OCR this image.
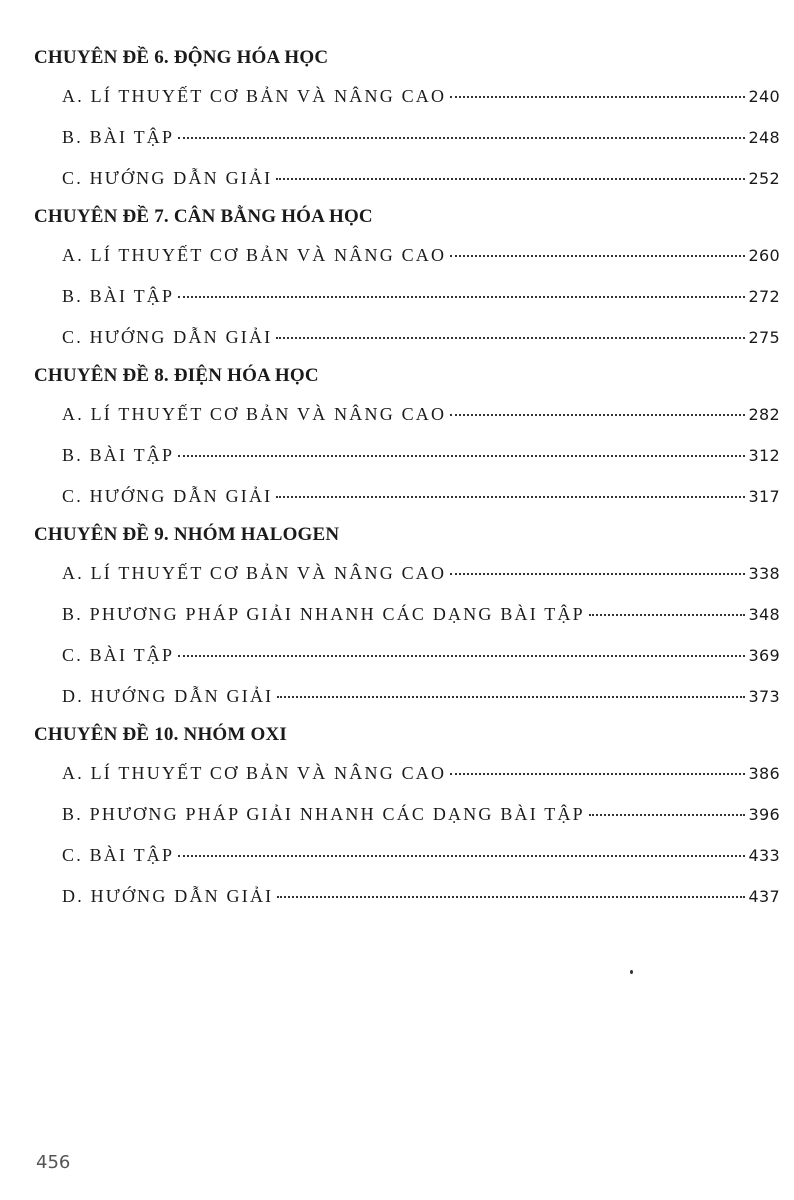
CHUYÊN ĐỀ 6. ĐỘNG HÓA HỌC
A. LÍ THUYẾT CƠ BẢN VÀ NÂNG CAO	240
B. BÀI TẬP	248
C. HƯỚNG DẪN GIẢI	252
CHUYÊN ĐỀ 7. CÂN BẰNG HÓA HỌC
A. LÍ THUYẾT CƠ BẢN VÀ NÂNG CAO	260
B. BÀI TẬP	272
C. HƯỚNG DẪN GIẢI	275
CHUYÊN ĐỀ 8. ĐIỆN HÓA HỌC
A. LÍ THUYẾT CƠ BẢN VÀ NÂNG CAO	282
B. BÀI TẬP	312
C. HƯỚNG DẪN GIẢI	317
CHUYÊN ĐỀ 9. NHÓM HALOGEN
A. LÍ THUYẾT CƠ BẢN VÀ NÂNG CAO	338
B. PHƯƠNG PHÁP GIẢI NHANH CÁC DẠNG BÀI TẬP	348
C. BÀI TẬP	369
D. HƯỚNG DẪN GIẢI	373
CHUYÊN ĐỀ 10. NHÓM OXI
A. LÍ THUYẾT CƠ BẢN VÀ NÂNG CAO	386
B. PHƯƠNG PHÁP GIẢI NHANH CÁC DẠNG BÀI TẬP	396
C. BÀI TẬP	433
D. HƯỚNG DẪN GIẢI	437
456
